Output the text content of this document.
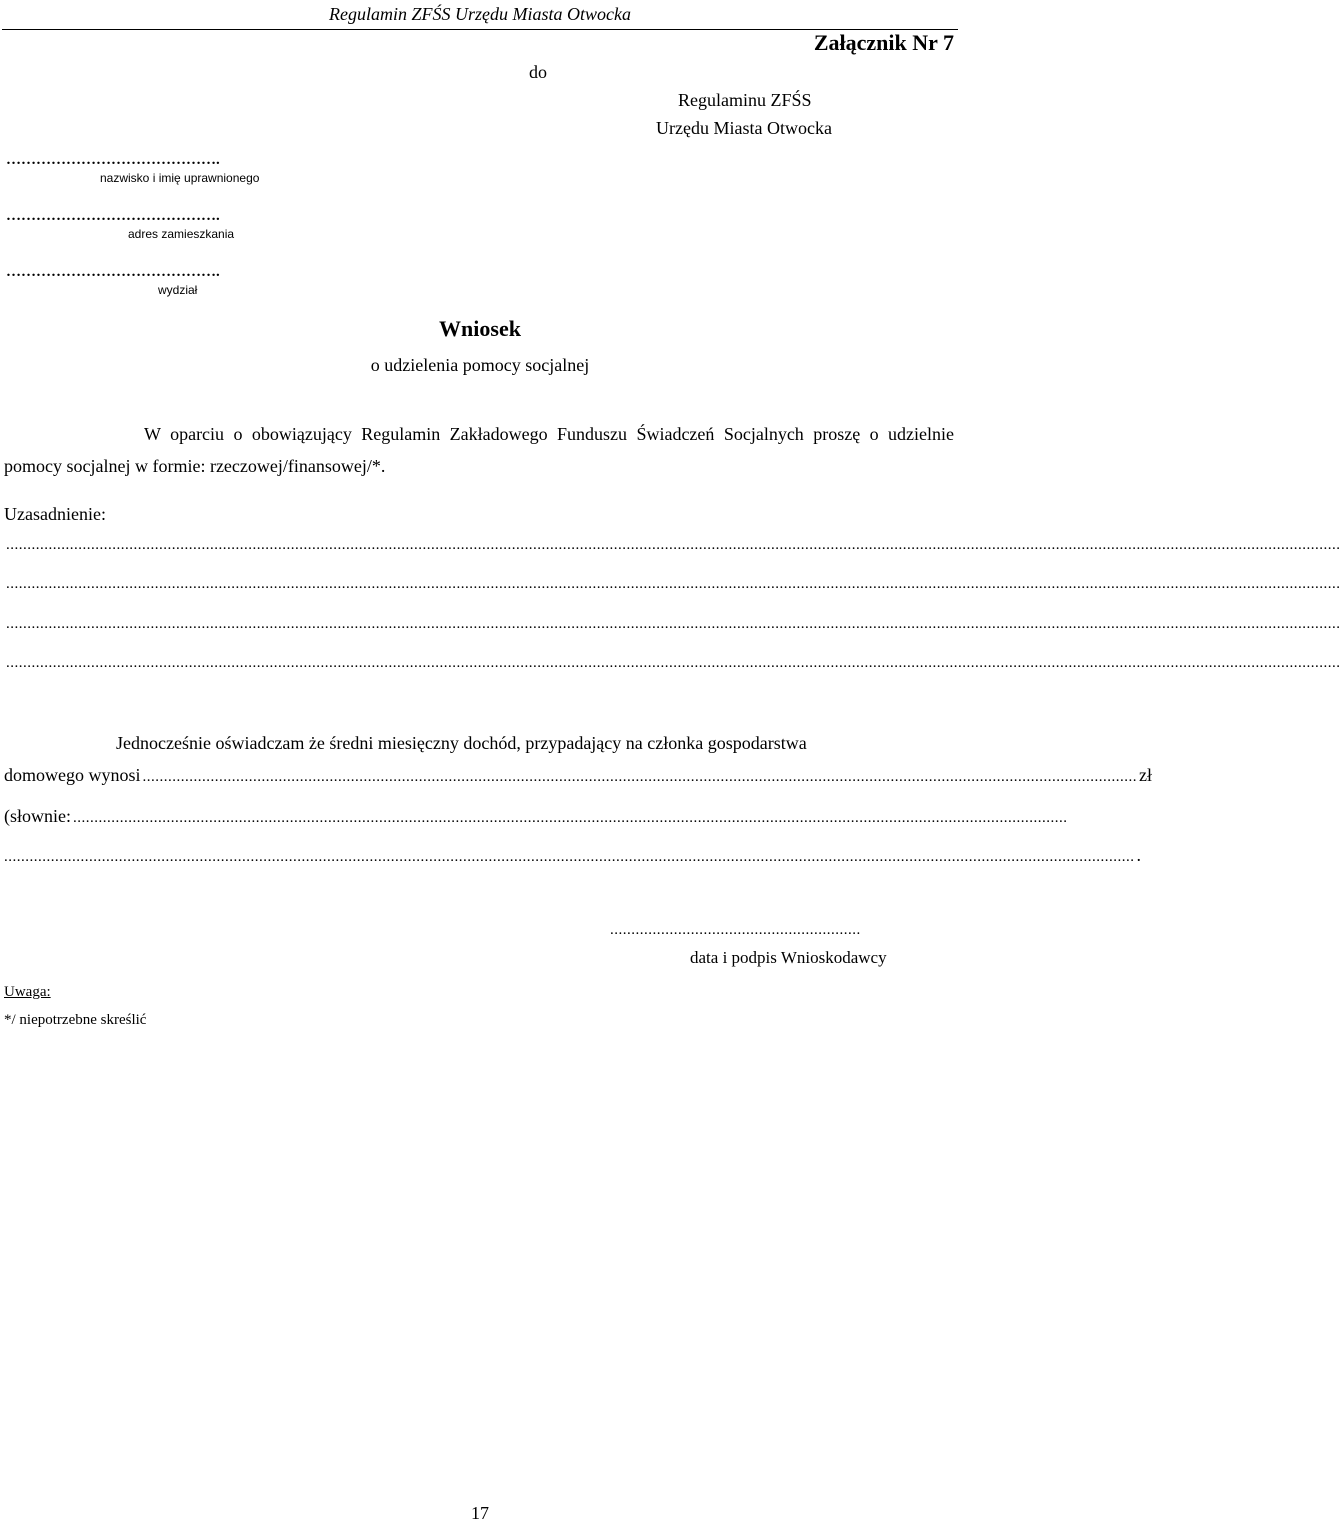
Regulamin ZFŚS Urzędu Miasta Otwocka
Załącznik Nr 7
do
Regulaminu ZFŚS
Urzędu Miasta Otwocka
…………………………………….
nazwisko i imię uprawnionego
…………………………………….
adres zamieszkania
…………………………………….
wydział
Wniosek
o udzielenia pomocy socjalnej
W oparciu o obowiązujący Regulamin Zakładowego Funduszu Świadczeń Socjalnych proszę o udzielnie pomocy socjalnej w formie: rzeczowej/finansowej/*.
Uzasadnienie:
..........................................................................................................................................................................................................................................................................................................................
..........................................................................................................................................................................................................................................................................................................................
..........................................................................................................................................................................................................................................................................................................................
..........................................................................................................................................................................................................................................................................................................................
Jednocześnie oświadczam że średni miesięczny dochód, przypadający na członka gospodarstwa
domowego wynosi .......................................................................................................................................................................................................................................... zł
(słownie: ..........................................................................................................................................................................................................................................
.......................................................................................................................................................................................................................................................................... .
...........................................................
data i podpis Wnioskodawcy
Uwaga:
*/ niepotrzebne skreślić
17
